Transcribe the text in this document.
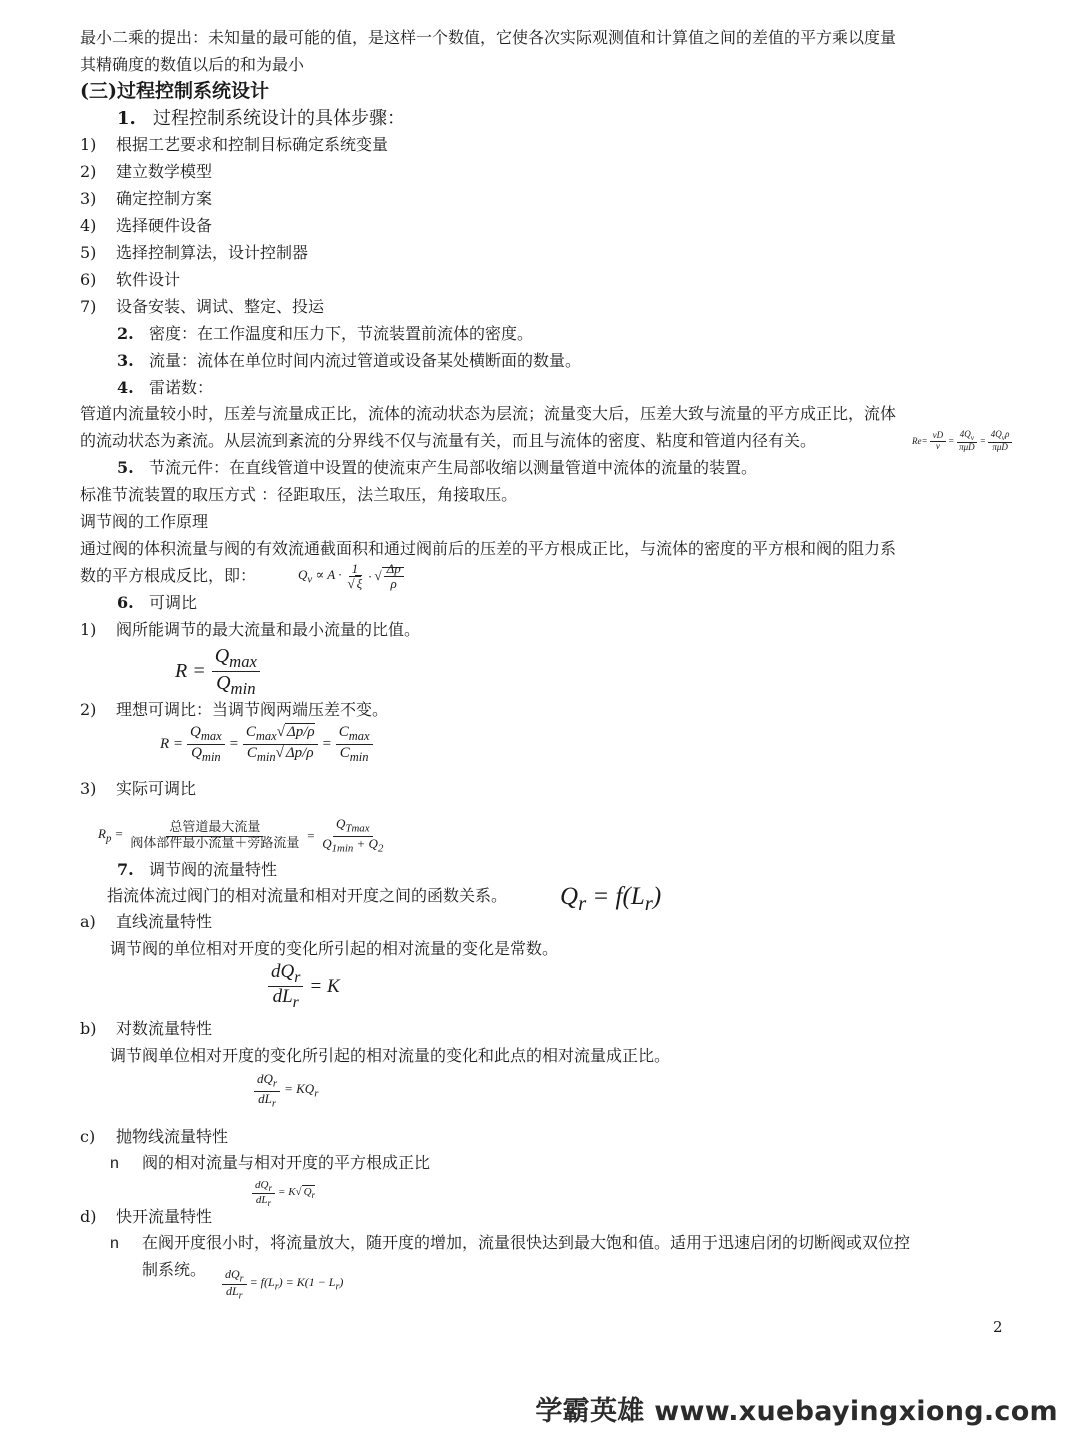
最小二乘的提出：未知量的最可能的值，是这样一个数值，它使各次实际观测值和计算值之间的差值的平方乘以度量
其精确度的数值以后的和为最小
(三)过程控制系统设计
1. 过程控制系统设计的具体步骤：
1) 根据工艺要求和控制目标确定系统变量
2) 建立数学模型
3) 确定控制方案
4) 选择硬件设备
5) 选择控制算法，设计控制器
6) 软件设计
7) 设备安装、调试、整定、投运
2. 密度：在工作温度和压力下，节流装置前流体的密度。
3. 流量：流体在单位时间内流过管道或设备某处横断面的数量。
4. 雷诺数：
管道内流量较小时，压差与流量成正比，流体的流动状态为层流；流量变大后，压差大致与流量的平方成正比，流体
的流动状态为紊流。从层流到紊流的分界线不仅与流量有关，而且与流体的密度、粘度和管道内径有关。	$Re= \frac{vD}{\nu} = \frac{4Q_v}{\text{πμD}} = \frac{4Q_v\rho}{\text{πμD}}$
5. 节流元件：在直线管道中设置的使流束产生局部收缩以测量管道中流体的流量的装置。
标准节流装置的取压方式 ：径距取压，法兰取压，角接取压。
调节阀的工作原理
通过阀的体积流量与阀的有效流通截面积和通过阀前后的压差的平方根成正比，与流体的密度的平方根和阀的阻力系
数的平方根成反比，即：	$Q_v \propto A \cdot \frac{1}{√ \xi}$ · √ $\frac{\Delta p}{\rho}$
6. 可调比
1) 阀所能调节的最大流量和最小流量的比值。
$R = \frac{Q_{max}}{Q_{min}}$
2) 理想可调比：当调节阀两端压差不变。
$R = \frac{Q_{max}}{Q_{min}} = \frac{C_{max}√ \Delta p/\rho}{C_{min}√ \Delta p/\rho} = \frac{C_{max}}{C_{min}}$
3) 实际可调比
$R_p = \frac{\text{总管道最大流量}}{\text{阀体部件最小流量＋旁路流量}} = \frac{Q_{Tmax}}{Q_{1min} + Q_2}$
7. 调节阀的流量特性
指流体流过阀门的相对流量和相对开度之间的函数关系。 $Q_r = f(L_r)$
a) 直线流量特性
调节阀的单位相对开度的变化所引起的相对流量的变化是常数。
$\frac{dQ_r}{dL_r} = K$
b) 对数流量特性
调节阀单位相对开度的变化所引起的相对流量的变化和此点的相对流量成正比。
$\frac{dQ_r}{dL_r} = KQ_r$
c) 抛物线流量特性
n 阀的相对流量与相对开度的平方根成正比
$\frac{dQ_r}{dL_r} = K√$ $Q_r$
d) 快开流量特性
n 在阀开度很小时，将流量放大，随开度的增加，流量很快达到最大饱和值。适用于迅速启闭的切断阀或双位控
制系统。 $\frac{dQ_r}{dL_r} = f(L_r) = K(1 - L_r)$
2
学霸英雄 www.xuebayingxiong.com
